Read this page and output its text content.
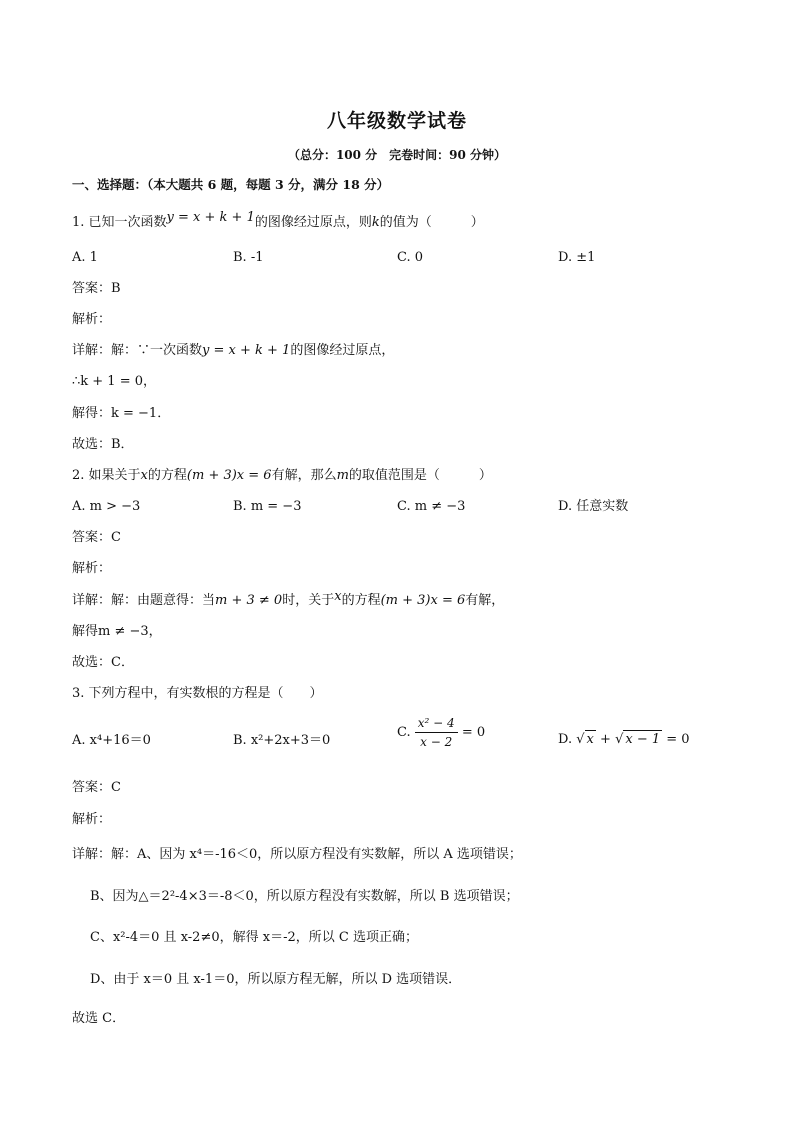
八年级数学试卷
（总分：100 分　完卷时间：90 分钟）
一、选择题：（本大题共 6 题，每题 3 分，满分 18 分）
1. 已知一次函数y = x + k + 1的图像经过原点，则k的值为（　　　）
A. 1	B. -1	C. 0	D. ±1
答案：B
解析：
详解：解：∵一次函数y = x + k + 1的图像经过原点，
∴k + 1 = 0，
解得：k = −1．
故选：B．
2. 如果关于x的方程(m + 3)x = 6有解，那么m的取值范围是（　　　）
A. m > −3	B. m = −3	C. m ≠ −3	D. 任意实数
答案：C
解析：
详解：解：由题意得：当m + 3 ≠ 0时，关于x的方程(m + 3)x = 6有解，
解得m ≠ −3，
故选：C．
3. 下列方程中，有实数根的方程是（　　）
A. x⁴+16＝0	B. x²+2x+3＝0
C. $\frac{\text{x² − 4}}{x - 2} = 0$	D. √ x + √ x − 1 = 0
答案：C
解析：
详解：解：A、因为 x⁴＝-16＜0，所以原方程没有实数解，所以 A 选项错误；
B、因为△＝2²-4×3＝-8＜0，所以原方程没有实数解，所以 B 选项错误；
C、x²-4＝0 且 x-2≠0，解得 x＝-2，所以 C 选项正确；
D、由于 x＝0 且 x-1＝0，所以原方程无解，所以 D 选项错误．
故选 C．
